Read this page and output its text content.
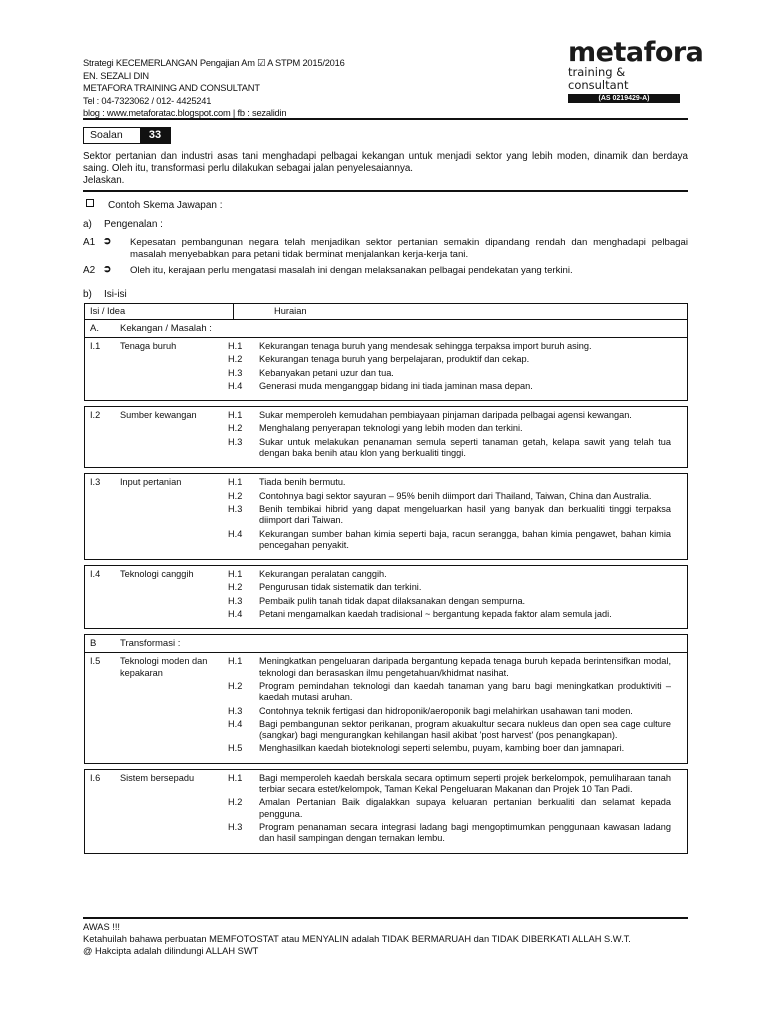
Strategi KECEMERLANGAN Pengajian Am ☑ A STPM 2015/2016
EN. SEZALI DIN
METAFORA TRAINING AND CONSULTANT
Tel : 04-7323062 / 012- 4425241
blog : www.metaforatac.blogspot.com | fb : sezalidin
metafora
training & consultant
(AS 0219429-A)
Soalan	33
Sektor pertanian dan industri asas tani menghadapi pelbagai kekangan untuk menjadi sektor yang lebih moden, dinamik dan berdaya saing. Oleh itu, transformasi perlu dilakukan sebagai jalan penyelesaiannya.
Jelaskan.
Contoh Skema Jawapan :
a) Pengenalan :
A1 ➲ Kepesatan pembangunan negara telah menjadikan sektor pertanian semakin dipandang rendah dan menghadapi pelbagai masalah menyebabkan para petani tidak berminat menjalankan kerja-kerja tani.
A2 ➲ Oleh itu, kerajaan perlu mengatasi masalah ini dengan melaksanakan pelbagai pendekatan yang terkini.
b) Isi-isi
Isi / Idea	Huraian
A.	Kekangan / Masalah :
I.1	Tenaga buruh	H.1	Kekurangan tenaga buruh yang mendesak sehingga terpaksa import buruh asing.
H.2	Kekurangan tenaga buruh yang berpelajaran, produktif dan cekap.
H.3	Kebanyakan petani uzur dan tua.
H.4	Generasi muda menganggap bidang ini tiada jaminan masa depan.
I.2	Sumber kewangan	H.1	Sukar memperoleh kemudahan pembiayaan pinjaman daripada pelbagai agensi kewangan.
H.2	Menghalang penyerapan teknologi yang lebih moden dan terkini.
H.3	Sukar untuk melakukan penanaman semula seperti tanaman getah, kelapa sawit yang telah tua dengan baka benih atau klon yang berkualiti tinggi.
I.3	Input pertanian	H.1	Tiada benih bermutu.
H.2	Contohnya bagi sektor sayuran – 95% benih diimport dari Thailand, Taiwan, China dan Australia.
H.3	Benih tembikai hibrid yang dapat mengeluarkan hasil yang banyak dan berkualiti tinggi terpaksa diimport dari Taiwan.
H.4	Kekurangan sumber bahan kimia seperti baja, racun serangga, bahan kimia pengawet, bahan kimia pencegahan penyakit.
I.4	Teknologi canggih	H.1	Kekurangan peralatan canggih.
H.2	Pengurusan tidak sistematik dan terkini.
H.3	Pembaik pulih tanah tidak dapat dilaksanakan dengan sempurna.
H.4	Petani mengamalkan kaedah tradisional ~ bergantung kepada faktor alam semula jadi.
B	Transformasi :
I.5	Teknologi moden dan kepakaran
H.1	Meningkatkan pengeluaran daripada bergantung kepada tenaga buruh kepada berintensifkan modal, teknologi dan berasaskan ilmu pengetahuan/khidmat nasihat.
H.2	Program pemindahan teknologi dan kaedah tanaman yang baru bagi meningkatkan produktiviti – kaedah mutasi aruhan.
H.3	Contohnya teknik fertigasi dan hidroponik/aeroponik bagi melahirkan usahawan tani moden.
H.4	Bagi pembangunan sektor perikanan, program akuakultur secara nukleus dan open sea cage culture (sangkar) bagi mengurangkan kehilangan hasil akibat 'post harvest' (pos penangkapan).
H.5	Menghasilkan kaedah bioteknologi seperti selembu, puyam, kambing boer dan jamnapari.
I.6	Sistem bersepadu	H.1	Bagi memperoleh kaedah berskala secara optimum seperti projek berkelompok, pemuliharaan tanah terbiar secara estet/kelompok, Taman Kekal Pengeluaran Makanan dan Projek 10 Tan Padi.
H.2	Amalan Pertanian Baik digalakkan supaya keluaran pertanian berkualiti dan selamat kepada pengguna.
H.3	Program penanaman secara integrasi ladang bagi mengoptimumkan penggunaan kawasan ladang dan hasil sampingan dengan ternakan lembu.
AWAS !!!
Ketahuilah bahawa perbuatan MEMFOTOSTAT atau MENYALIN adalah TIDAK BERMARUAH dan TIDAK DIBERKATI ALLAH S.W.T.
@ Hakcipta adalah dilindungi ALLAH SWT
